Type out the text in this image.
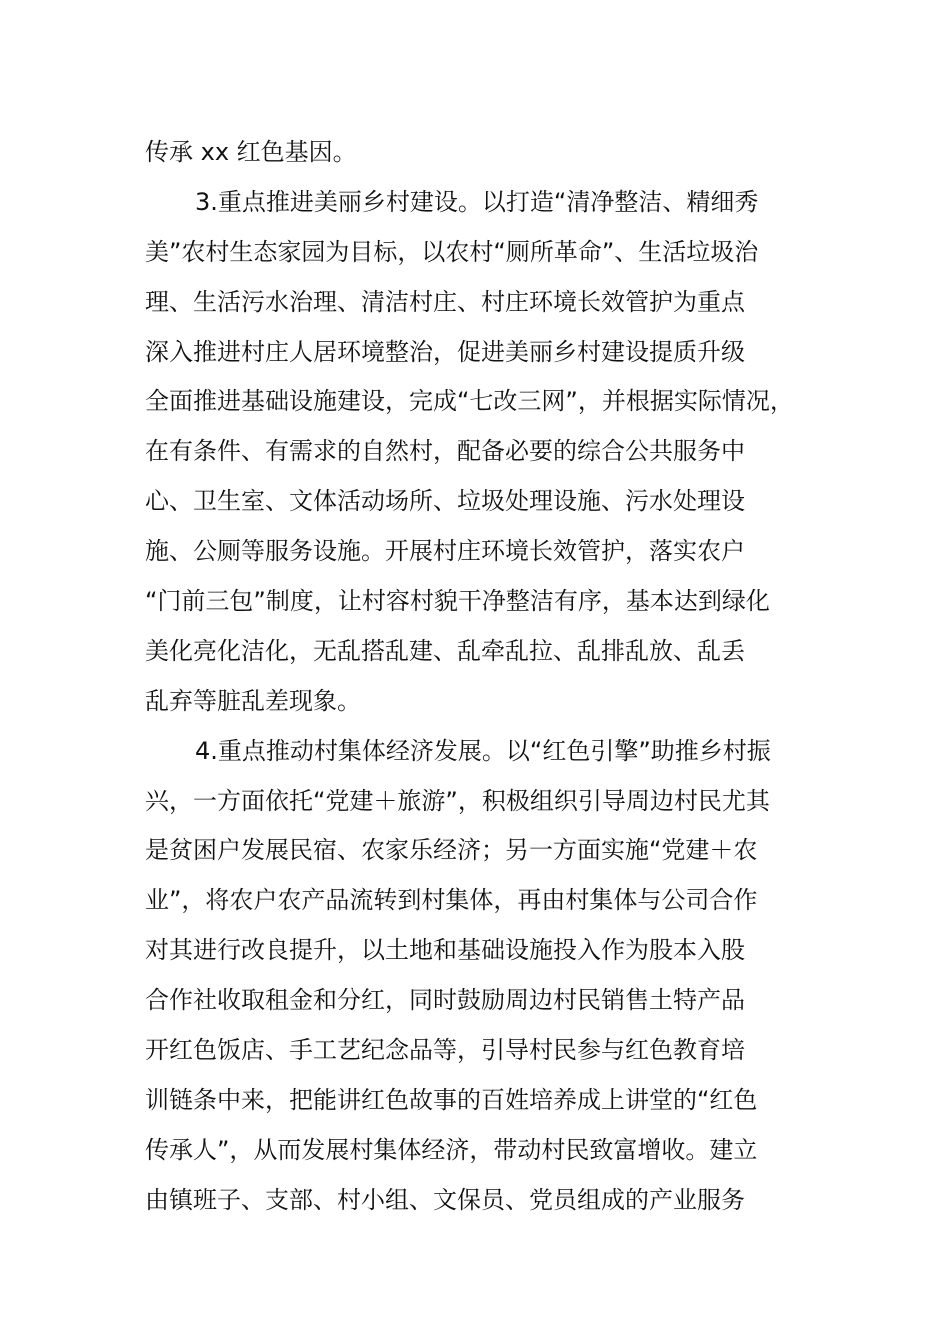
传承 xx 红色基因。
3.重点推进美丽乡村建设。以打造“清净整洁、精细秀
美”农村生态家园为目标，以农村“厕所革命”、生活垃圾治
理、生活污水治理、清洁村庄、村庄环境长效管护为重点
深入推进村庄人居环境整治，促进美丽乡村建设提质升级
全面推进基础设施建设，完成“七改三网”，并根据实际情况，
在有条件、有需求的自然村，配备必要的综合公共服务中
心、卫生室、文体活动场所、垃圾处理设施、污水处理设
施、公厕等服务设施。开展村庄环境长效管护，落实农户
“门前三包”制度，让村容村貌干净整洁有序，基本达到绿化
美化亮化洁化，无乱搭乱建、乱牵乱拉、乱排乱放、乱丢
乱弃等脏乱差现象。
4.重点推动村集体经济发展。以“红色引擎”助推乡村振
兴，一方面依托“党建＋旅游”，积极组织引导周边村民尤其
是贫困户发展民宿、农家乐经济；另一方面实施“党建＋农
业”，将农户农产品流转到村集体，再由村集体与公司合作
对其进行改良提升，以土地和基础设施投入作为股本入股
合作社收取租金和分红，同时鼓励周边村民销售土特产品
开红色饭店、手工艺纪念品等，引导村民参与红色教育培
训链条中来，把能讲红色故事的百姓培养成上讲堂的“红色
传承人”，从而发展村集体经济，带动村民致富增收。建立
由镇班子、支部、村小组、文保员、党员组成的产业服务
